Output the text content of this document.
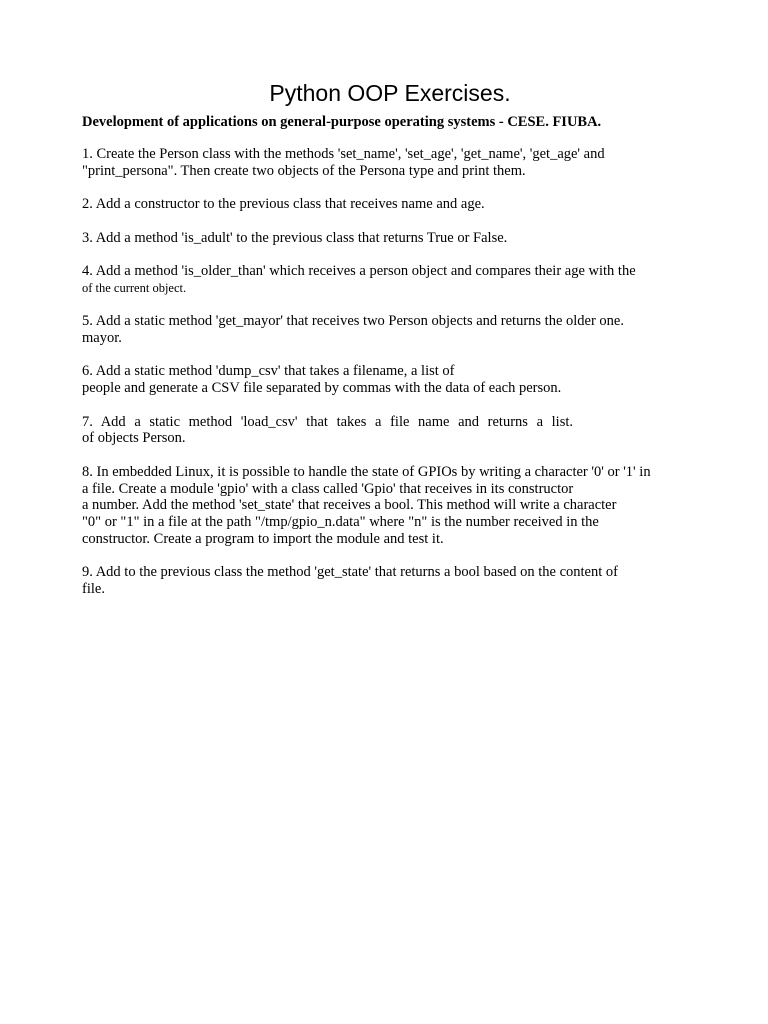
Python OOP Exercises.

Development of applications on general-purpose operating systems - CESE. FIUBA.

1. Create the Person class with the methods 'set_name', 'set_age', 'get_name', 'get_age' and

"print_persona". Then create two objects of the Persona type and print them.

2. Add a constructor to the previous class that receives name and age.

3. Add a method 'is_adult' to the previous class that returns True or False.

4. Add a method 'is_older_than' which receives a person object and compares their age with the

of the current object.

5. Add a static method 'get_mayor' that receives two Person objects and returns the older one.

mayor.

6. Add a static method 'dump_csv' that takes a filename, a list of

people and generate a CSV file separated by commas with the data of each person.

7. Add a static method 'load_csv' that takes a file name and returns a list.

of objects Person.

8. In embedded Linux, it is possible to handle the state of GPIOs by writing a character '0' or '1' in

a file. Create a module 'gpio' with a class called 'Gpio' that receives in its constructor

a number. Add the method 'set_state' that receives a bool. This method will write a character

"0" or "1" in a file at the path "/tmp/gpio_n.data" where "n" is the number received in the

constructor. Create a program to import the module and test it.

9. Add to the previous class the method 'get_state' that returns a bool based on the content of

file.
